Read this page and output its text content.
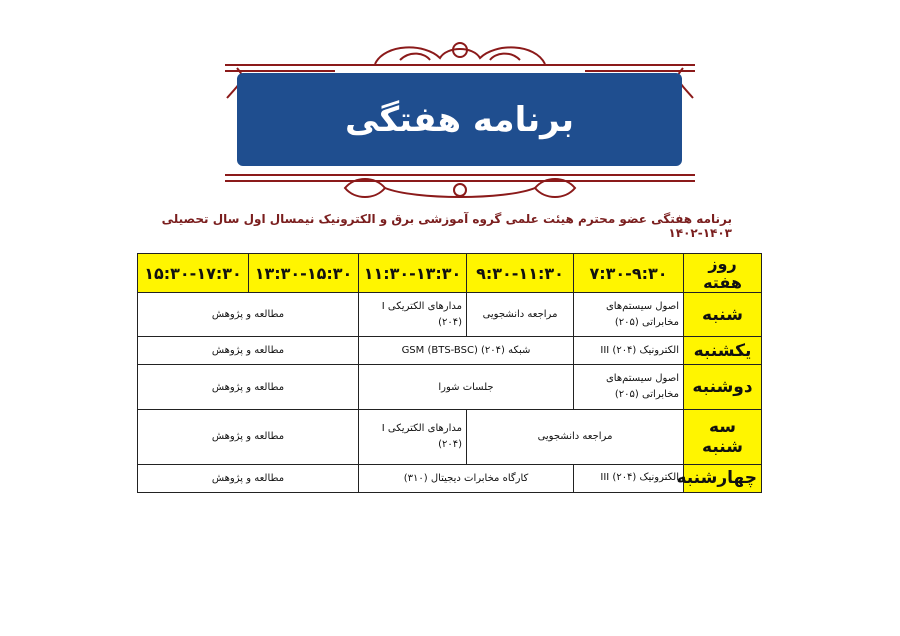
برنامه هفتگی
برنامه هفتگی عضو محترم هیئت علمی گروه آموزشی برق و الکترونیک نیمسال اول سال تحصیلی ۱۴۰۳-۱۴۰۲
روز هفته	۷:۳۰-۹:۳۰	۹:۳۰-۱۱:۳۰	۱۱:۳۰-۱۳:۳۰	۱۳:۳۰-۱۵:۳۰	۱۵:۳۰-۱۷:۳۰
شنبه	اصول سیستم‌های مخابراتی (۲۰۵)	مراجعه دانشجویی	مدارهای الکتریکی I (۲۰۴)	مطالعه و پژوهش	
یکشنبه	الکترونیک III (۲۰۴)	شبکه GSM (BTS-BSC) (۲۰۴)		مطالعه و پژوهش	
دوشنبه	اصول سیستم‌های مخابراتی (۲۰۵)	جلسات شورا		مطالعه و پژوهش	
سه شنبه	مراجعه دانشجویی		مدارهای الکتریکی I (۲۰۴)	مطالعه و پژوهش	
چهارشنبه	الکترونیک III (۲۰۴)	کارگاه مخابرات دیجیتال (۳۱۰)		مطالعه و پژوهش	
